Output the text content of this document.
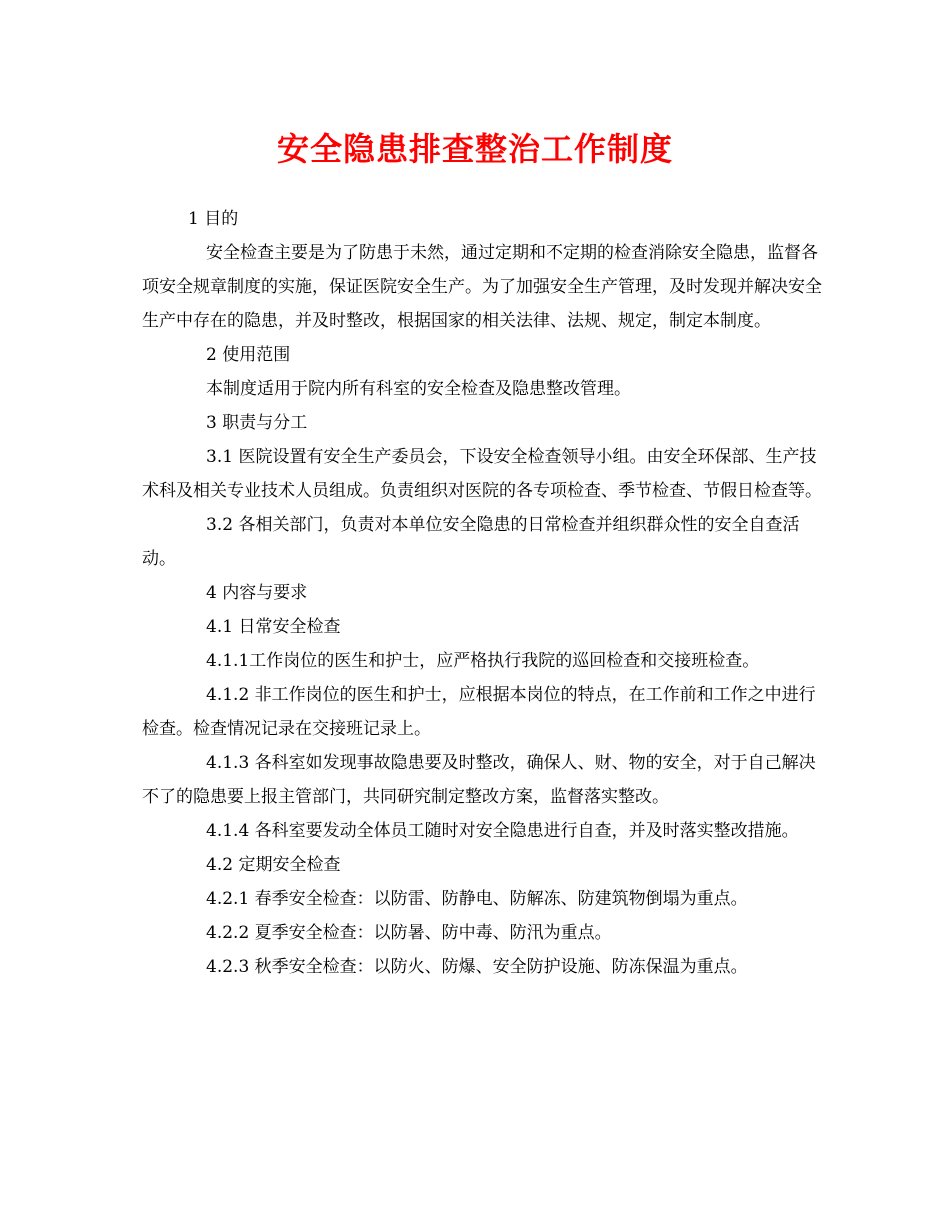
安全隐患排查整治工作制度

1 目的

安全检查主要是为了防患于未然，通过定期和不定期的检查消除安全隐患，监督各项安全规章制度的实施，保证医院安全生产。为了加强安全生产管理，及时发现并解决安全生产中存在的隐患，并及时整改，根据国家的相关法律、法规、规定，制定本制度。

2 使用范围

本制度适用于院内所有科室的安全检查及隐患整改管理。

3 职责与分工

3.1 医院设置有安全生产委员会，下设安全检查领导小组。由安全环保部、生产技术科及相关专业技术人员组成。负责组织对医院的各专项检查、季节检查、节假日检查等。

3.2 各相关部门，负责对本单位安全隐患的日常检查并组织群众性的安全自查活动。

4 内容与要求

4.1 日常安全检查

4.1.1工作岗位的医生和护士，应严格执行我院的巡回检查和交接班检查。

4.1.2 非工作岗位的医生和护士，应根据本岗位的特点，在工作前和工作之中进行检查。检查情况记录在交接班记录上。

4.1.3 各科室如发现事故隐患要及时整改，确保人、财、物的安全，对于自己解决不了的隐患要上报主管部门，共同研究制定整改方案，监督落实整改。

4.1.4 各科室要发动全体员工随时对安全隐患进行自查，并及时落实整改措施。

4.2 定期安全检查

4.2.1 春季安全检查：以防雷、防静电、防解冻、防建筑物倒塌为重点。

4.2.2 夏季安全检查：以防暑、防中毒、防汛为重点。

4.2.3 秋季安全检查：以防火、防爆、安全防护设施、防冻保温为重点。
